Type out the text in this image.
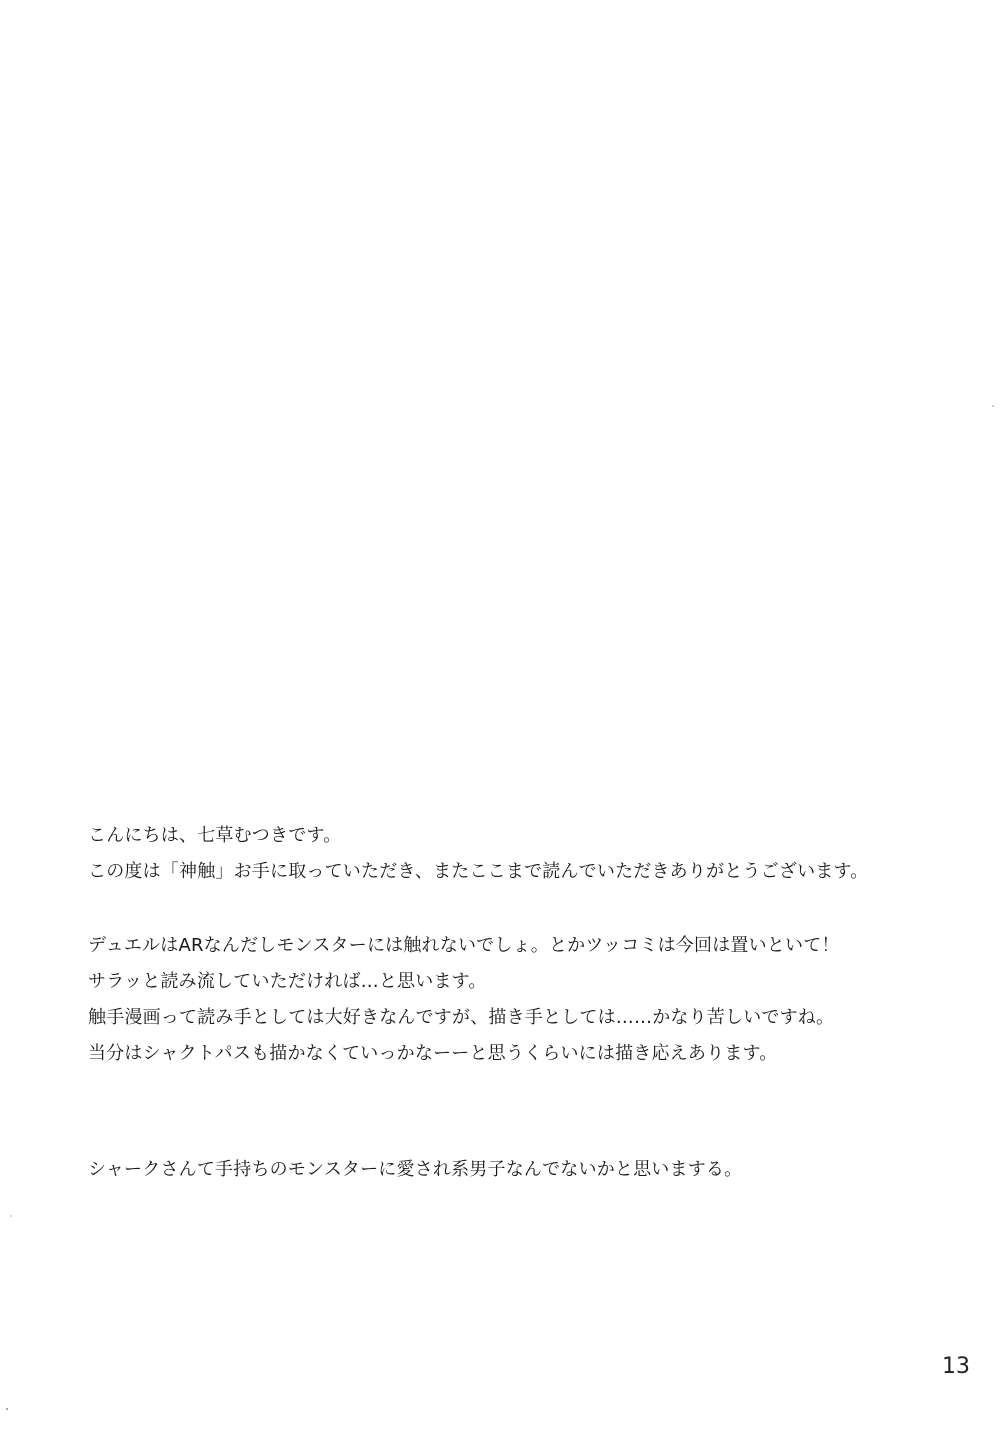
こんにちは、七草むつきです。
この度は「神触」お手に取っていただき、またここまで読んでいただきありがとうございます。
デュエルはARなんだしモンスターには触れないでしょ。とかツッコミは今回は置いといて！
サラッと読み流していただければ…と思います。
触手漫画って読み手としては大好きなんですが、描き手としては……かなり苦しいですね。
当分はシャクトパスも描かなくていっかなーーと思うくらいには描き応えあります。
シャークさんて手持ちのモンスターに愛され系男子なんでないかと思いまする。
13
